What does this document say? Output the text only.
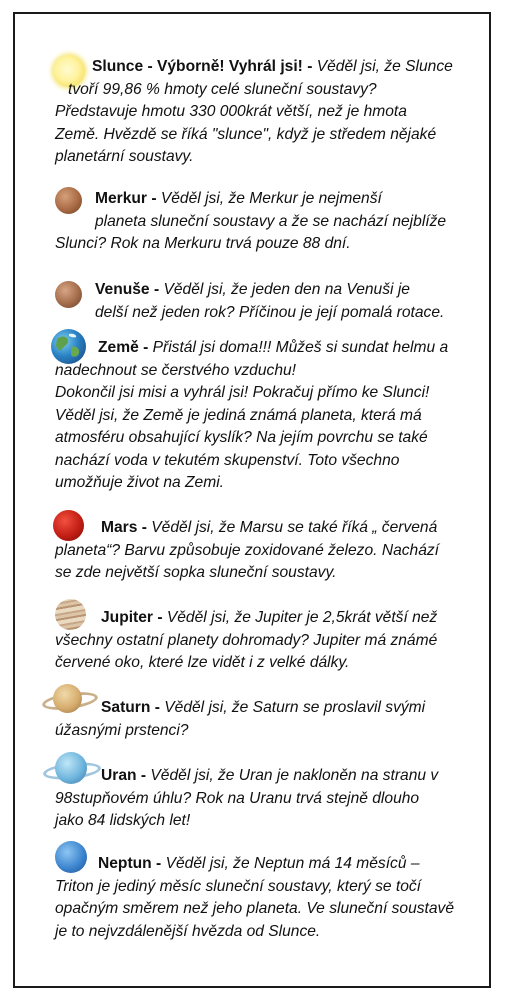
Slunce - Výborně! Vyhrál jsi! - Věděl jsi, že Slunce

tvoří 99,86 % hmoty celé sluneční soustavy?

Představuje hmotu 330 000krát větší, než je hmota

Země. Hvězdě se říká "slunce", když je středem nějaké

planetární soustavy.

Merkur - Věděl jsi, že Merkur je nejmenší

planeta sluneční soustavy a že se nachází nejblíže

Slunci? Rok na Merkuru trvá pouze 88 dní.

Venuše - Věděl jsi, že jeden den na Venuši je

delší než jeden rok? Příčinou je její pomalá rotace.

Země - Přistál jsi doma!!! Můžeš si sundat helmu a

nadechnout se čerstvého vzduchu!

Dokončil jsi misi a vyhrál jsi! Pokračuj přímo ke Slunci!

Věděl jsi, že Země je jediná známá planeta, která má

atmosféru obsahující kyslík? Na jejím povrchu se také

nachází voda v tekutém skupenství. Toto všechno

umožňuje život na Zemi.

Mars - Věděl jsi, že Marsu se také říká „ červená

planeta“? Barvu způsobuje zoxidované železo. Nachází

se zde největší sopka sluneční soustavy.

Jupiter - Věděl jsi, že Jupiter je 2,5krát větší než

všechny ostatní planety dohromady? Jupiter má známé

červené oko, které lze vidět i z velké dálky.

Saturn - Věděl jsi, že Saturn se proslavil svými

úžasnými prstenci?

Uran - Věděl jsi, že Uran je nakloněn na stranu v

98stupňovém úhlu? Rok na Uranu trvá stejně dlouho

jako 84 lidských let!

Neptun - Věděl jsi, že Neptun má 14 měsíců –

Triton je jediný měsíc sluneční soustavy, který se točí

opačným směrem než jeho planeta. Ve sluneční soustavě

je to nejvzdálenější hvězda od Slunce.
